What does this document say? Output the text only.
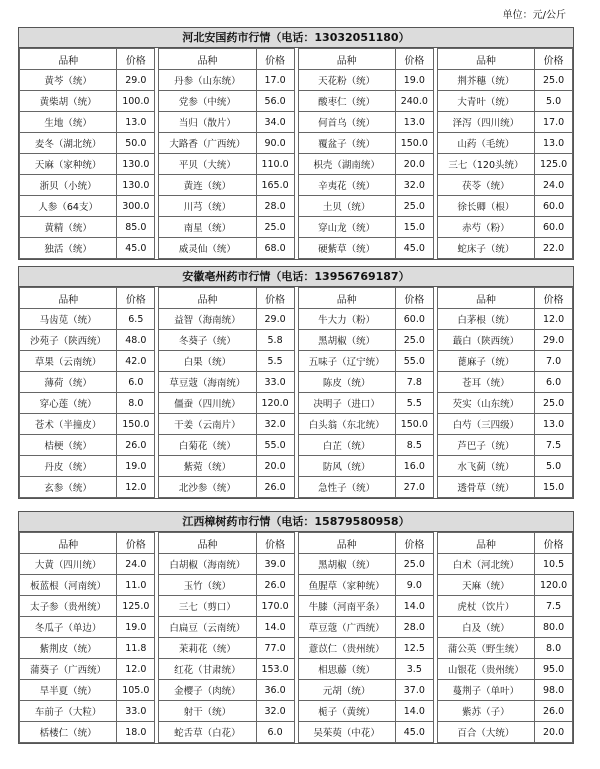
单位：元/公斤
河北安国药市行情（电话：13032051180）
品种	价格
黄芩（统）	29.0
黄柴胡（统）	100.0
生地（统）	13.0
麦冬（湖北统）	50.0
天麻（家种统）	130.0
浙贝（小统）	130.0
人参（64支）	300.0
黄精（统）	85.0
独活（统）	45.0
品种	价格
丹参（山东统）	17.0
党参（中统）	56.0
当归（散片）	34.0
大路香（广西统）	90.0
平贝（大统）	110.0
黄连（统）	165.0
川芎（统）	28.0
南星（统）	25.0
威灵仙（统）	68.0
品种	价格
天花粉（统）	19.0
酸枣仁（统）	240.0
何首乌（统）	13.0
覆盆子（统）	150.0
枳壳（湖南统）	20.0
辛夷花（统）	32.0
土贝（统）	25.0
穿山龙（统）	15.0
硬紫草（统）	45.0
品种	价格
荆芥穗（统）	25.0
大青叶（统）	5.0
泽泻（四川统）	17.0
山药（毛统）	13.0
三七（120头统）	125.0
茯苓（统）	24.0
徐长卿（根）	60.0
赤芍（粉）	60.0
蛇床子（统）	22.0
安徽亳州药市行情（电话：13956769187）
品种	价格
马齿苋（统）	6.5
沙苑子（陕西统）	48.0
草果（云南统）	42.0
薄荷（统）	6.0
穿心莲（统）	8.0
苍术（半撞皮）	150.0
桔梗（统）	26.0
丹皮（统）	19.0
玄参（统）	12.0
品种	价格
益智（海南统）	29.0
冬葵子（统）	5.8
白果（统）	5.5
草豆蔻（海南统）	33.0
僵蚕（四川统）	120.0
干姜（云南片）	32.0
白菊花（统）	55.0
紫菀（统）	20.0
北沙参（统）	26.0
品种	价格
牛大力（粉）	60.0
黑胡椒（统）	25.0
五味子（辽宁统）	55.0
陈皮（统）	7.8
决明子（进口）	5.5
白头翁（东北统）	150.0
白芷（统）	8.5
防风（统）	16.0
急性子（统）	27.0
品种	价格
白茅根（统）	12.0
蕺白（陕西统）	29.0
蓖麻子（统）	7.0
苍耳（统）	6.0
芡实（山东统）	25.0
白芍（三四级）	13.0
芦巴子（统）	7.5
水飞蓟（统）	5.0
透骨草（统）	15.0
江西樟树药市行情（电话：15879580958）
品种	价格
大黄（四川统）	24.0
板蓝根（河南统）	11.0
太子参（贵州统）	125.0
冬瓜子（单边）	19.0
紫荆皮（统）	11.8
蒲葵子（广西统）	12.0
旱半夏（统）	105.0
车前子（大粒）	33.0
栝楼仁（统）	18.0
品种	价格
白胡椒（海南统）	39.0
玉竹（统）	26.0
三七（剪口）	170.0
白扁豆（云南统）	14.0
茉莉花（统）	77.0
红花（甘肃统）	153.0
金樱子（肉统）	36.0
射干（统）	32.0
蛇舌草（白花）	6.0
品种	价格
黑胡椒（统）	25.0
鱼腥草（家种统）	9.0
牛膝（河南平条）	14.0
草豆蔻（广西统）	28.0
薏苡仁（贵州统）	12.5
相思藤（统）	3.5
元胡（统）	37.0
栀子（黄统）	14.0
吴茱萸（中花）	45.0
品种	价格
白术（河北统）	10.5
天麻（统）	120.0
虎杖（饮片）	7.5
白及（统）	80.0
蒲公英（野生统）	8.0
山银花（贵州统）	95.0
蔓荆子（单叶）	98.0
紫苏（子）	26.0
百合（大统）	20.0
